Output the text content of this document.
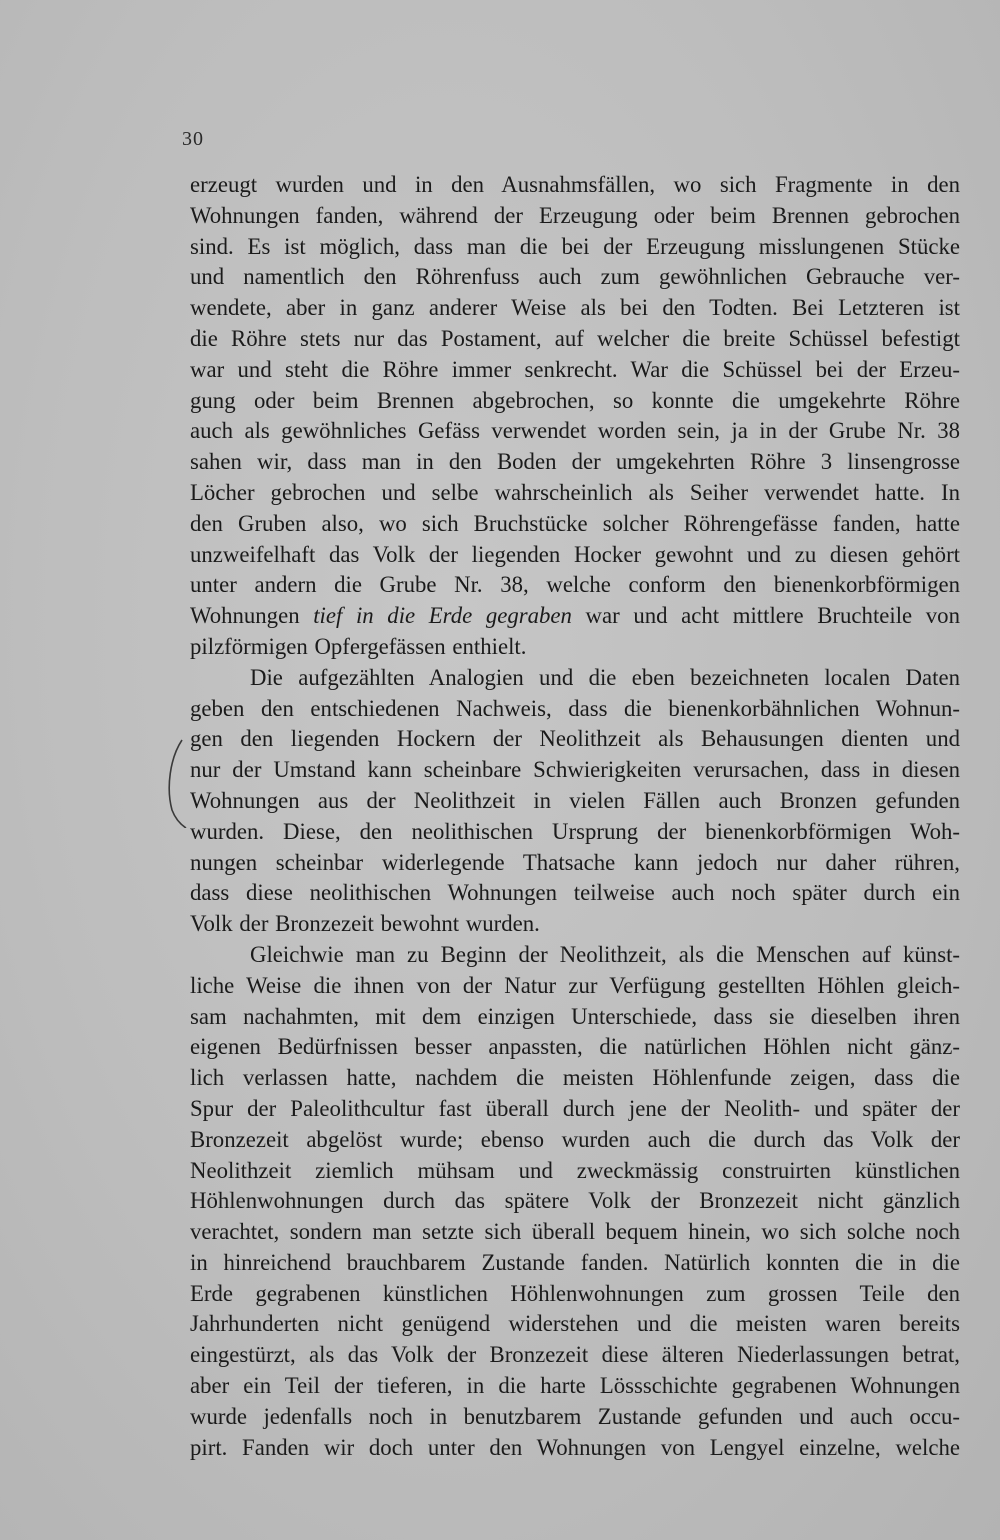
30
erzeugt wurden und in den Ausnahmsfällen, wo sich Fragmente in den
Wohnungen fanden, während der Erzeugung oder beim Brennen gebrochen
sind. Es ist möglich, dass man die bei der Erzeugung misslungenen Stücke
und namentlich den Röhrenfuss auch zum gewöhnlichen Gebrauche ver-
wendete, aber in ganz anderer Weise als bei den Todten. Bei Letzteren ist
die Röhre stets nur das Postament, auf welcher die breite Schüssel befestigt
war und steht die Röhre immer senkrecht. War die Schüssel bei der Erzeu-
gung oder beim Brennen abgebrochen, so konnte die umgekehrte Röhre
auch als gewöhnliches Gefäss verwendet worden sein, ja in der Grube Nr. 38
sahen wir, dass man in den Boden der umgekehrten Röhre 3 linsengrosse
Löcher gebrochen und selbe wahrscheinlich als Seiher verwendet hatte. In
den Gruben also, wo sich Bruchstücke solcher Röhrengefässe fanden, hatte
unzweifelhaft das Volk der liegenden Hocker gewohnt und zu diesen gehört
unter andern die Grube Nr. 38, welche conform den bienenkorbförmigen
Wohnungen tief in die Erde gegraben war und acht mittlere Bruchteile von
pilzförmigen Opfergefässen enthielt.
Die aufgezählten Analogien und die eben bezeichneten localen Daten
geben den entschiedenen Nachweis, dass die bienenkorbähnlichen Wohnun-
gen den liegenden Hockern der Neolithzeit als Behausungen dienten und
nur der Umstand kann scheinbare Schwierigkeiten verursachen, dass in diesen
Wohnungen aus der Neolithzeit in vielen Fällen auch Bronzen gefunden
wurden. Diese, den neolithischen Ursprung der bienenkorbförmigen Woh-
nungen scheinbar widerlegende Thatsache kann jedoch nur daher rühren,
dass diese neolithischen Wohnungen teilweise auch noch später durch ein
Volk der Bronzezeit bewohnt wurden.
Gleichwie man zu Beginn der Neolithzeit, als die Menschen auf künst-
liche Weise die ihnen von der Natur zur Verfügung gestellten Höhlen gleich-
sam nachahmten, mit dem einzigen Unterschiede, dass sie dieselben ihren
eigenen Bedürfnissen besser anpassten, die natürlichen Höhlen nicht gänz-
lich verlassen hatte, nachdem die meisten Höhlenfunde zeigen, dass die
Spur der Paleolithcultur fast überall durch jene der Neolith- und später der
Bronzezeit abgelöst wurde; ebenso wurden auch die durch das Volk der
Neolithzeit ziemlich mühsam und zweckmässig construirten künstlichen
Höhlenwohnungen durch das spätere Volk der Bronzezeit nicht gänzlich
verachtet, sondern man setzte sich überall bequem hinein, wo sich solche noch
in hinreichend brauchbarem Zustande fanden. Natürlich konnten die in die
Erde gegrabenen künstlichen Höhlenwohnungen zum grossen Teile den
Jahrhunderten nicht genügend widerstehen und die meisten waren bereits
eingestürzt, als das Volk der Bronzezeit diese älteren Niederlassungen betrat,
aber ein Teil der tieferen, in die harte Lössschichte gegrabenen Wohnungen
wurde jedenfalls noch in benutzbarem Zustande gefunden und auch occu-
pirt. Fanden wir doch unter den Wohnungen von Lengyel einzelne, welche
